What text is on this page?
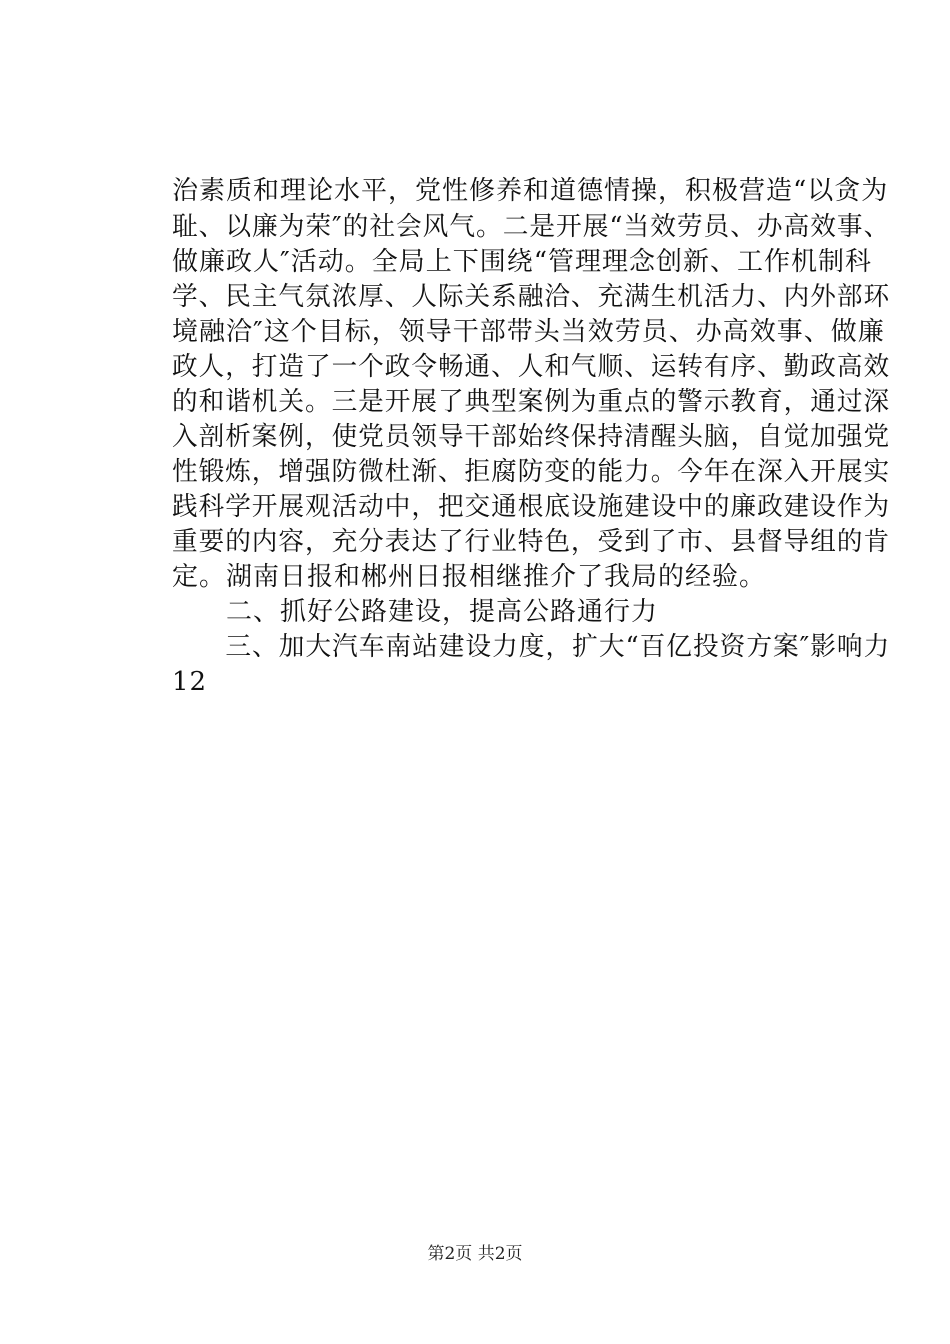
治素质和理论水平，党性修养和道德情操，积极营造“以贪为
耻、以廉为荣″的社会风气。二是开展“当效劳员、办高效事、
做廉政人″活动。全局上下围绕“管理理念创新、工作机制科
学、民主气氛浓厚、人际关系融洽、充满生机活力、内外部环
境融洽″这个目标，领导干部带头当效劳员、办高效事、做廉
政人，打造了一个政令畅通、人和气顺、运转有序、勤政高效
的和谐机关。三是开展了典型案例为重点的警示教育，通过深
入剖析案例，使党员领导干部始终保持清醒头脑，自觉加强党
性锻炼，增强防微杜渐、拒腐防变的能力。今年在深入开展实
践科学开展观活动中，把交通根底设施建设中的廉政建设作为
重要的内容，充分表达了行业特色，受到了市、县督导组的肯
定。湖南日报和郴州日报相继推介了我局的经验。
　　二、抓好公路建设，提高公路通行力
　　三、加大汽车南站建设力度，扩大“百亿投资方案″影响力
12
第2页 共2页
